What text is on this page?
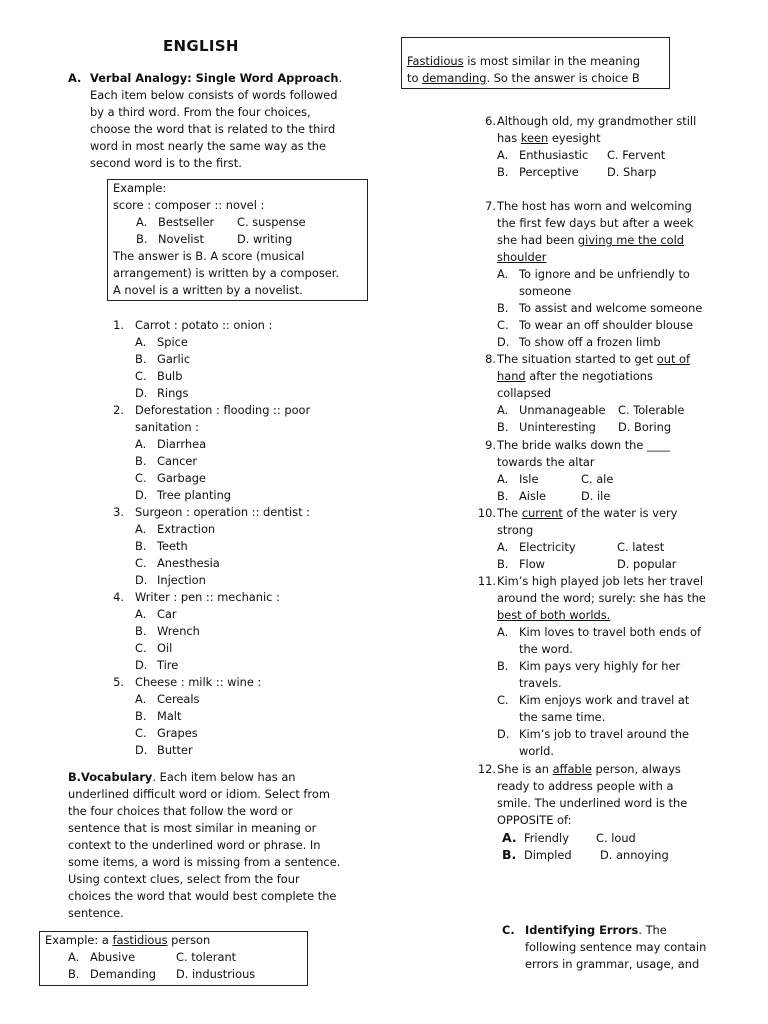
ENGLISH
A. Verbal Analogy: Single Word Approach.
Each item below consists of words followed
by a third word. From the four choices,
choose the word that is related to the third
word in most nearly the same way as the
second word is to the first.
Example:
score : composer :: novel :
A. Bestseller C. suspense
B. Novelist	D. writing
The answer is B. A score (musical
arrangement) is written by a composer.
A novel is a written by a novelist.
B.Vocabulary. Each item below has an
underlined difficult word or idiom. Select from
the four choices that follow the word or
sentence that is most similar in meaning or
context to the underlined word or phrase. In
some items, a word is missing from a sentence.
Using context clues, select from the four
choices the word that would best complete the
sentence.
Example: a fastidious person
A. Abusive	C. tolerant
B. Demanding D. industrious
1. Carrot : potato :: onion :
A. Spice
B. Garlic
C. Bulb
D. Rings
2. Deforestation : flooding :: poor
sanitation :
A. Diarrhea
B. Cancer
C. Garbage
D. Tree planting
3. Surgeon : operation :: dentist :
A. Extraction
B. Teeth
C. Anesthesia
D. Injection
4. Writer : pen :: mechanic :
A. Car
B. Wrench
C. Oil
D. Tire
5. Cheese : milk :: wine :
A. Cereals
B. Malt
C. Grapes
D. Butter
Fastidious is most similar in the meaning
to demanding. So the answer is choice B
6. Although old, my grandmother still
has keen eyesight
A. Enthusiastic C. Fervent
B. Perceptive D. Sharp
7. The host has worn and welcoming
the first few days but after a week
she had been giving me the cold
shoulder
A. To ignore and be unfriendly to
someone
B. To assist and welcome someone
C. To wear an off shoulder blouse
D. To show off a frozen limb
8. The situation started to get out of
hand after the negotiations
collapsed
A. Unmanageable C. Tolerable
B. Uninteresting D. Boring
9. The bride walks down the ____
towards the altar
A. Isle	C. ale
B. Aisle	D. ile
10. The current of the water is very
strong
A. Electricity	C. latest
B. Flow	D. popular
11. Kim’s high played job lets her travel
around the word; surely: she has the
best of both worlds.
A. Kim loves to travel both ends of
the word.
B. Kim pays very highly for her
travels.
C. Kim enjoys work and travel at
the same time.
D. Kim’s job to travel around the
world.
12. She is an affable person, always
ready to address people with a
smile. The underlined word is the
OPPOSITE of:
A. Friendly C. loud
B. Dimpled D. annoying
C. Identifying Errors. The
following sentence may contain
errors in grammar, usage, and
